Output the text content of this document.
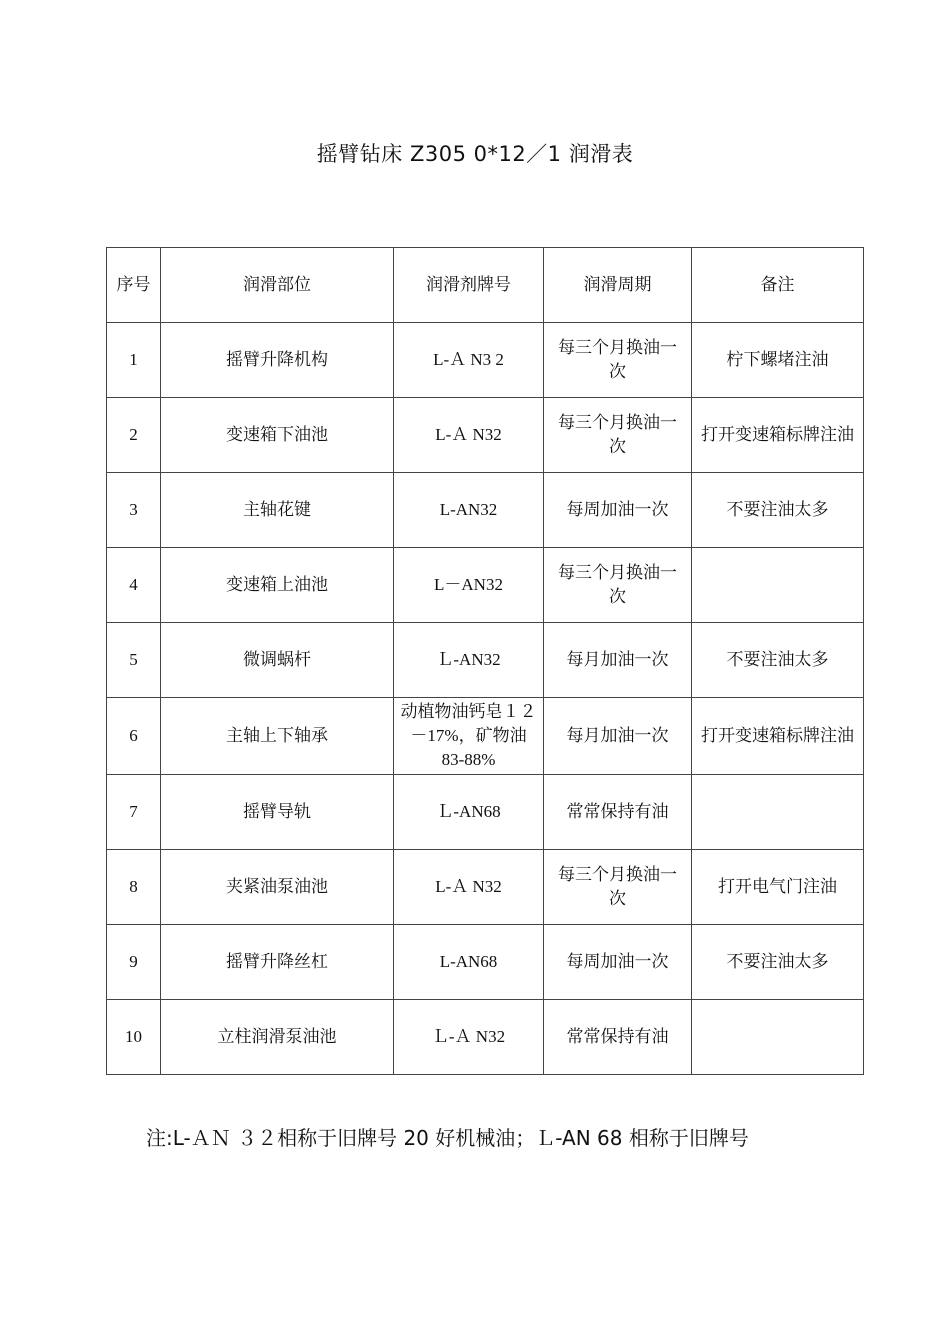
摇臂钻床 Z305 0*12／1 润滑表
序号	润滑部位	润滑剂牌号	润滑周期	备注
1	摇臂升降机构	L-Ａ N3 2	每三个月换油一次	柠下螺堵注油
2	变速箱下油池	L-Ａ N32	每三个月换油一次	打开变速箱标牌注油
3	主轴花键	L-AN32	每周加油一次	不要注油太多
4	变速箱上油池	L－AN32	每三个月换油一次	
5	微调蜗杆	Ｌ-AN32	每月加油一次	不要注油太多
6	主轴上下轴承	动植物油钙皂１２－17%，矿物油 83-88%	每月加油一次	打开变速箱标牌注油
7	摇臂导轨	Ｌ-AN68	常常保持有油	
8	夹紧油泵油池	L-Ａ N32	每三个月换油一次	打开电气门注油
9	摇臂升降丝杠	L-AN68	每周加油一次	不要注油太多
10	立柱润滑泵油池	Ｌ-Ａ N32	常常保持有油	
注:L-ＡＮ ３２相称于旧牌号 20 好机械油；Ｌ-AN 68 相称于旧牌号
